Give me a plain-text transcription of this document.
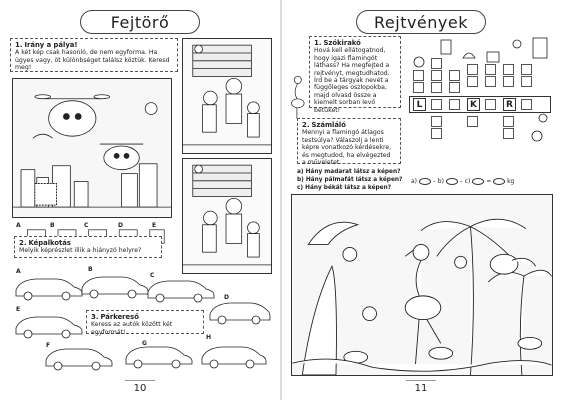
Fejtörő
1. Irány a pálya!
A két kép csak hasonló, de nem egyforma. Ha ügyes vagy, öt különbséget találsz köztük. Keresd meg!
A	B	C	D	E
2. Képalkotás
Melyik képrészlet illik a hiányzó helyre?
A	B
C
D
E
F	G
H
3. Párkereső
Keress az autók között két egyformát!
10
Rejtvények
1. Szókirakó
Hová kell ellátogatnod, hogy igazi flamingót láthass? Ha megfejted a rejtvényt, megtudhatod. Írd be a tárgyak nevét a függőleges oszlopokba, majd olvasd össze a kiemelt sorban levő betűket!
L	K	R
2. Számláló
Mennyi a flamingó átlagos testsúlya? Válaszolj a lenti képre vonatkozó kérdésekre, és megtudod, ha elvégezted a műveletet.
a) Hány madarat látsz a képen?
b) Hány pálmafát látsz a képen?
c) Hány békát látsz a képen?
a)	– b)	– c)	=	kg
11
